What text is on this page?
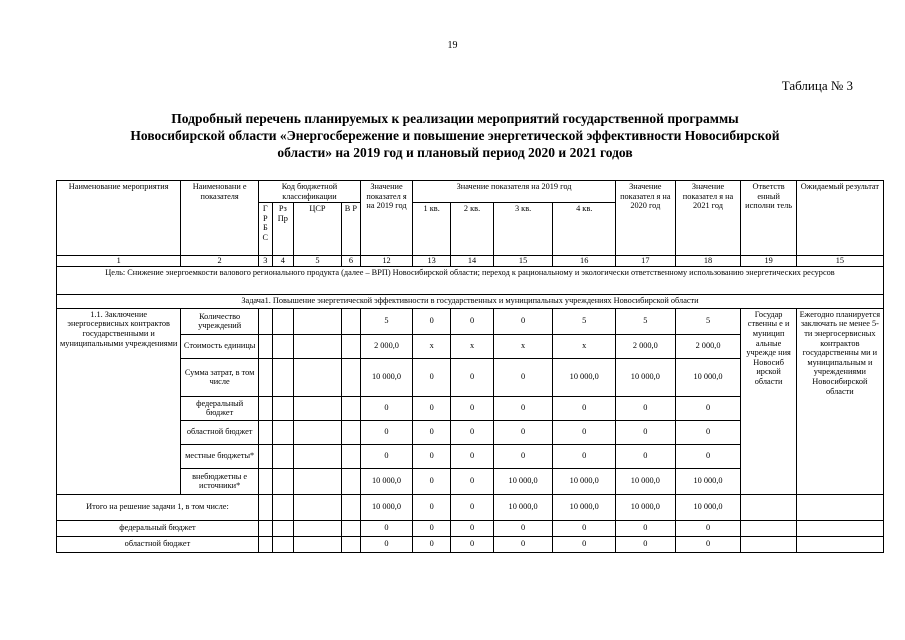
19
Таблица № 3
Подробный перечень планируемых к реализации мероприятий государственной программы
Новосибирской области «Энергосбережение и повышение энергетической эффективности Новосибирской
области» на 2019 год и плановый период 2020 и 2021 годов
Наименование мероприятия	Наименовани е показателя	Код бюджетной классификации				Значение показател я на 2019 год	Значение показателя на 2019 год				Значение показател я на 2020 год	Значение показател я на 2021 год	Ответств енный исполни тель	Ожидаемый результат
		Г Р Б С	Рз Пр	ЦСР	В Р		1 кв.	2 кв.	3 кв.	4 кв.				
1	2	3	4	5	6	12	13	14	15	16	17	18	19	15
Цель: Снижение энергоемкости валового регионального продукта (далее – ВРП) Новосибирской области; переход к рациональному и экологически ответственному использованию энергетических ресурсов														
Задача1. Повышение энергетической эффективности в государственных и муниципальных учреждениях Новосибирской области														
1.1. Заключение энергосервисных контрактов государственными и муниципальными учреждениями	Количество учреждений					5	0	0	0	5	5	5	Государ ственны е и муницип альные учрежде ния Новосиб ирской области	Ежегодно планируется заключать не менее 5-ти энергосервисных контрактов государственны ми и муниципальным и учреждениями Новосибирской области
	Стоимость единицы					2 000,0	x	x	x	x	2 000,0	2 000,0		
	Сумма затрат, в том числе					10 000,0	0	0	0	10 000,0	10 000,0	10 000,0		
	федеральный бюджет					0	0	0	0	0	0	0		
	областной бюджет					0	0	0	0	0	0	0		
	местные бюджеты*					0	0	0	0	0	0	0		
	внебюджетны е источники*					10 000,0	0	0	10 000,0	10 000,0	10 000,0	10 000,0		
Итого на решение задачи 1, в том числе:						10 000,0	0	0	10 000,0	10 000,0	10 000,0	10 000,0		
федеральный бюджет						0	0	0	0	0	0	0		
областной бюджет						0	0	0	0	0	0	0		
